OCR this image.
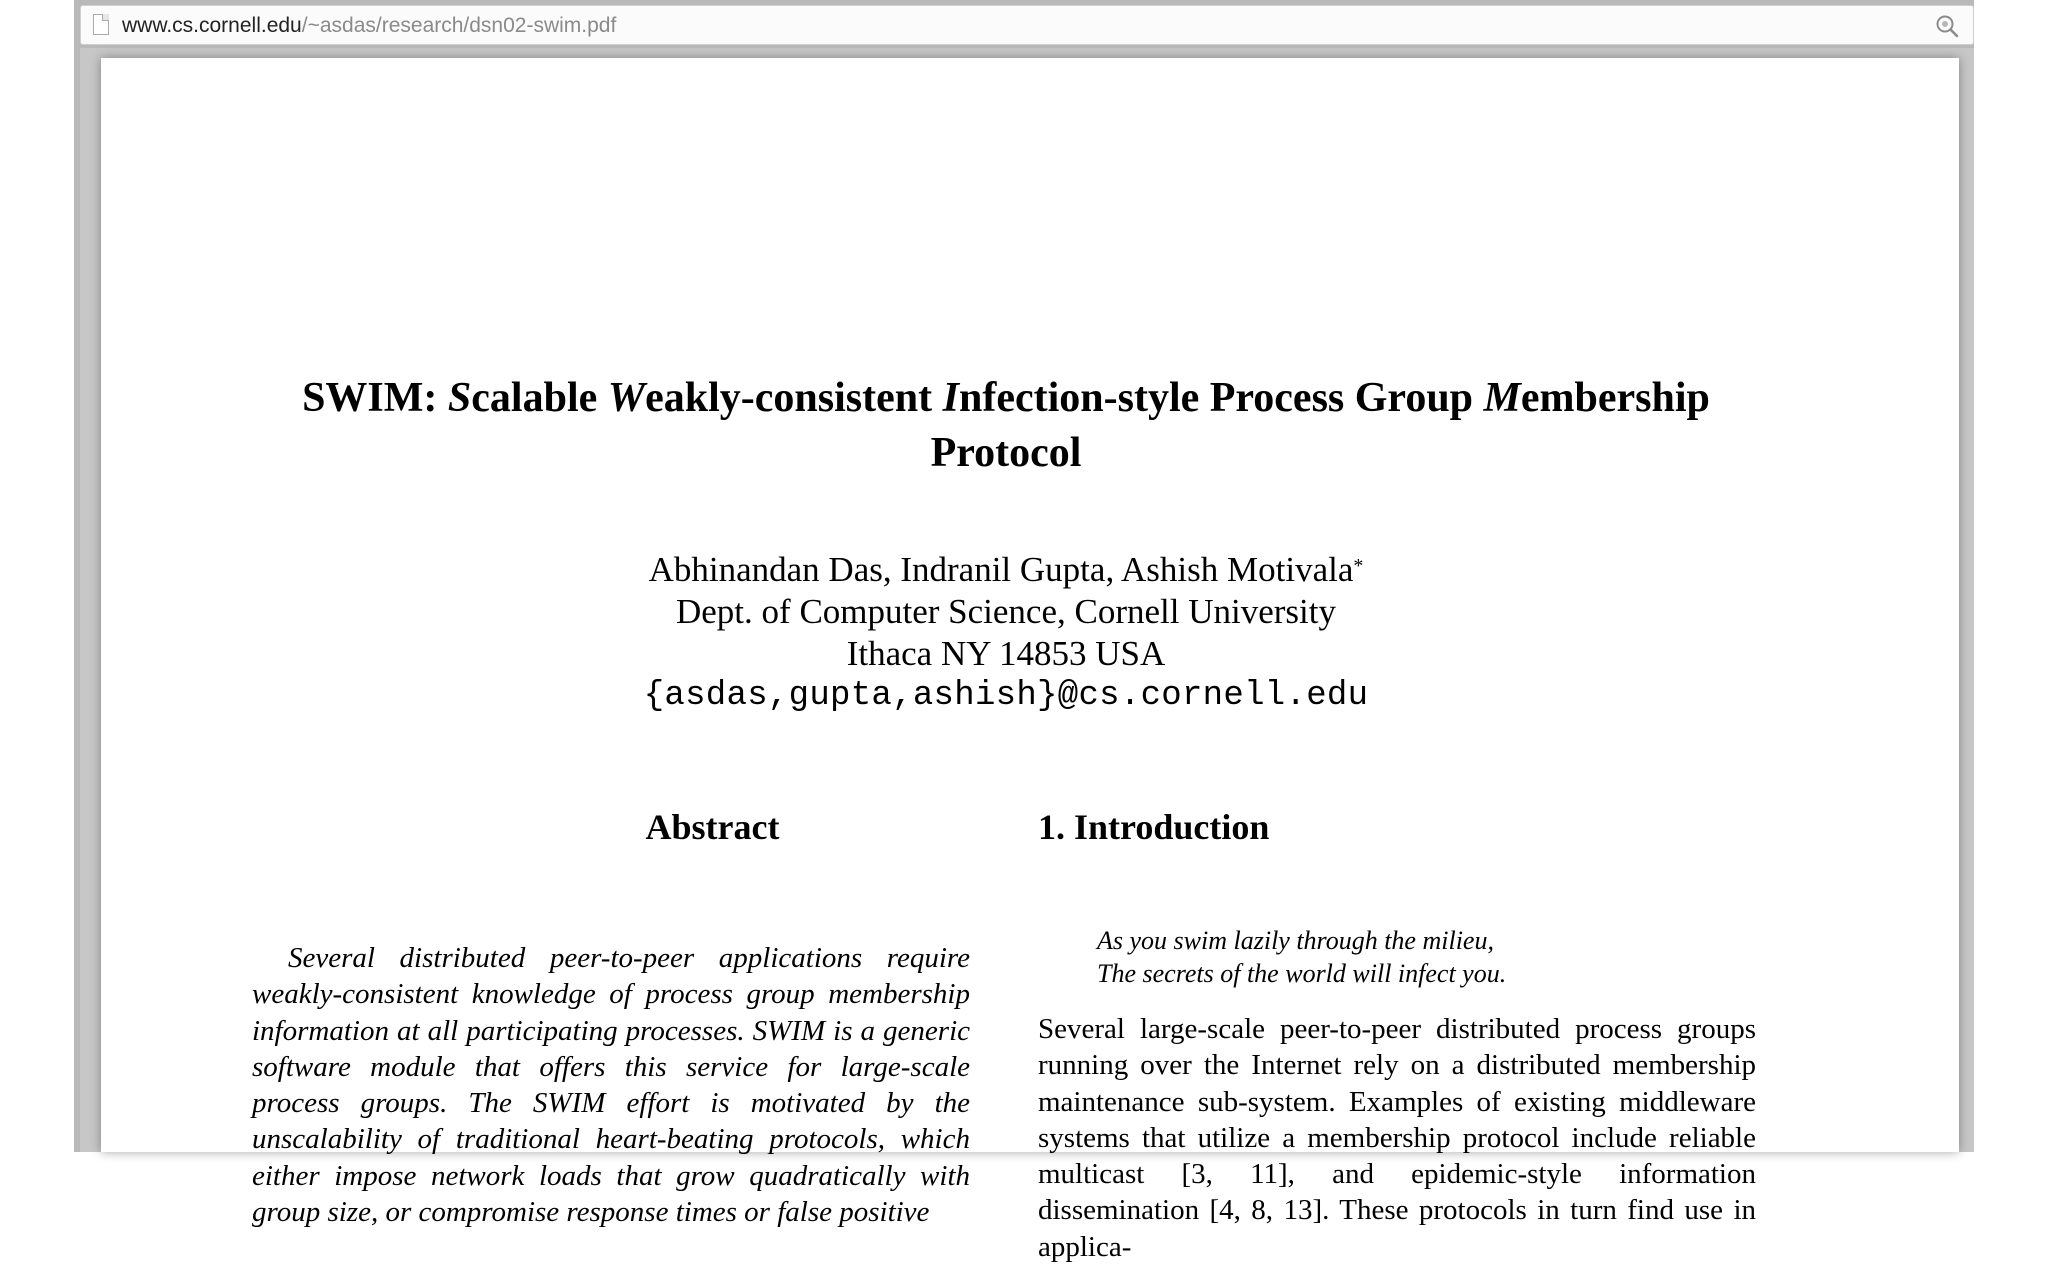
www.cs.cornell.edu/~asdas/research/dsn02-swim.pdf
SWIM: Scalable Weakly-consistent Infection-style Process Group Membership
Protocol
Abhinandan Das, Indranil Gupta, Ashish Motivala*
Dept. of Computer Science, Cornell University
Ithaca NY 14853 USA
{asdas,gupta,ashish}@cs.cornell.edu
Abstract
Several distributed peer-to-peer applications require weakly-consistent knowledge of process group membership information at all participating processes. SWIM is a generic software module that offers this service for large-scale process groups. The SWIM effort is motivated by the unscalability of traditional heart-beating protocols, which either impose network loads that grow quadratically with group size, or compromise response times or false positive
1. Introduction
As you swim lazily through the milieu,
The secrets of the world will infect you.
Several large-scale peer-to-peer distributed process groups running over the Internet rely on a distributed membership maintenance sub-system. Examples of existing middleware systems that utilize a membership protocol include reliable multicast [3, 11], and epidemic-style information dissemination [4, 8, 13]. These protocols in turn find use in applica-
